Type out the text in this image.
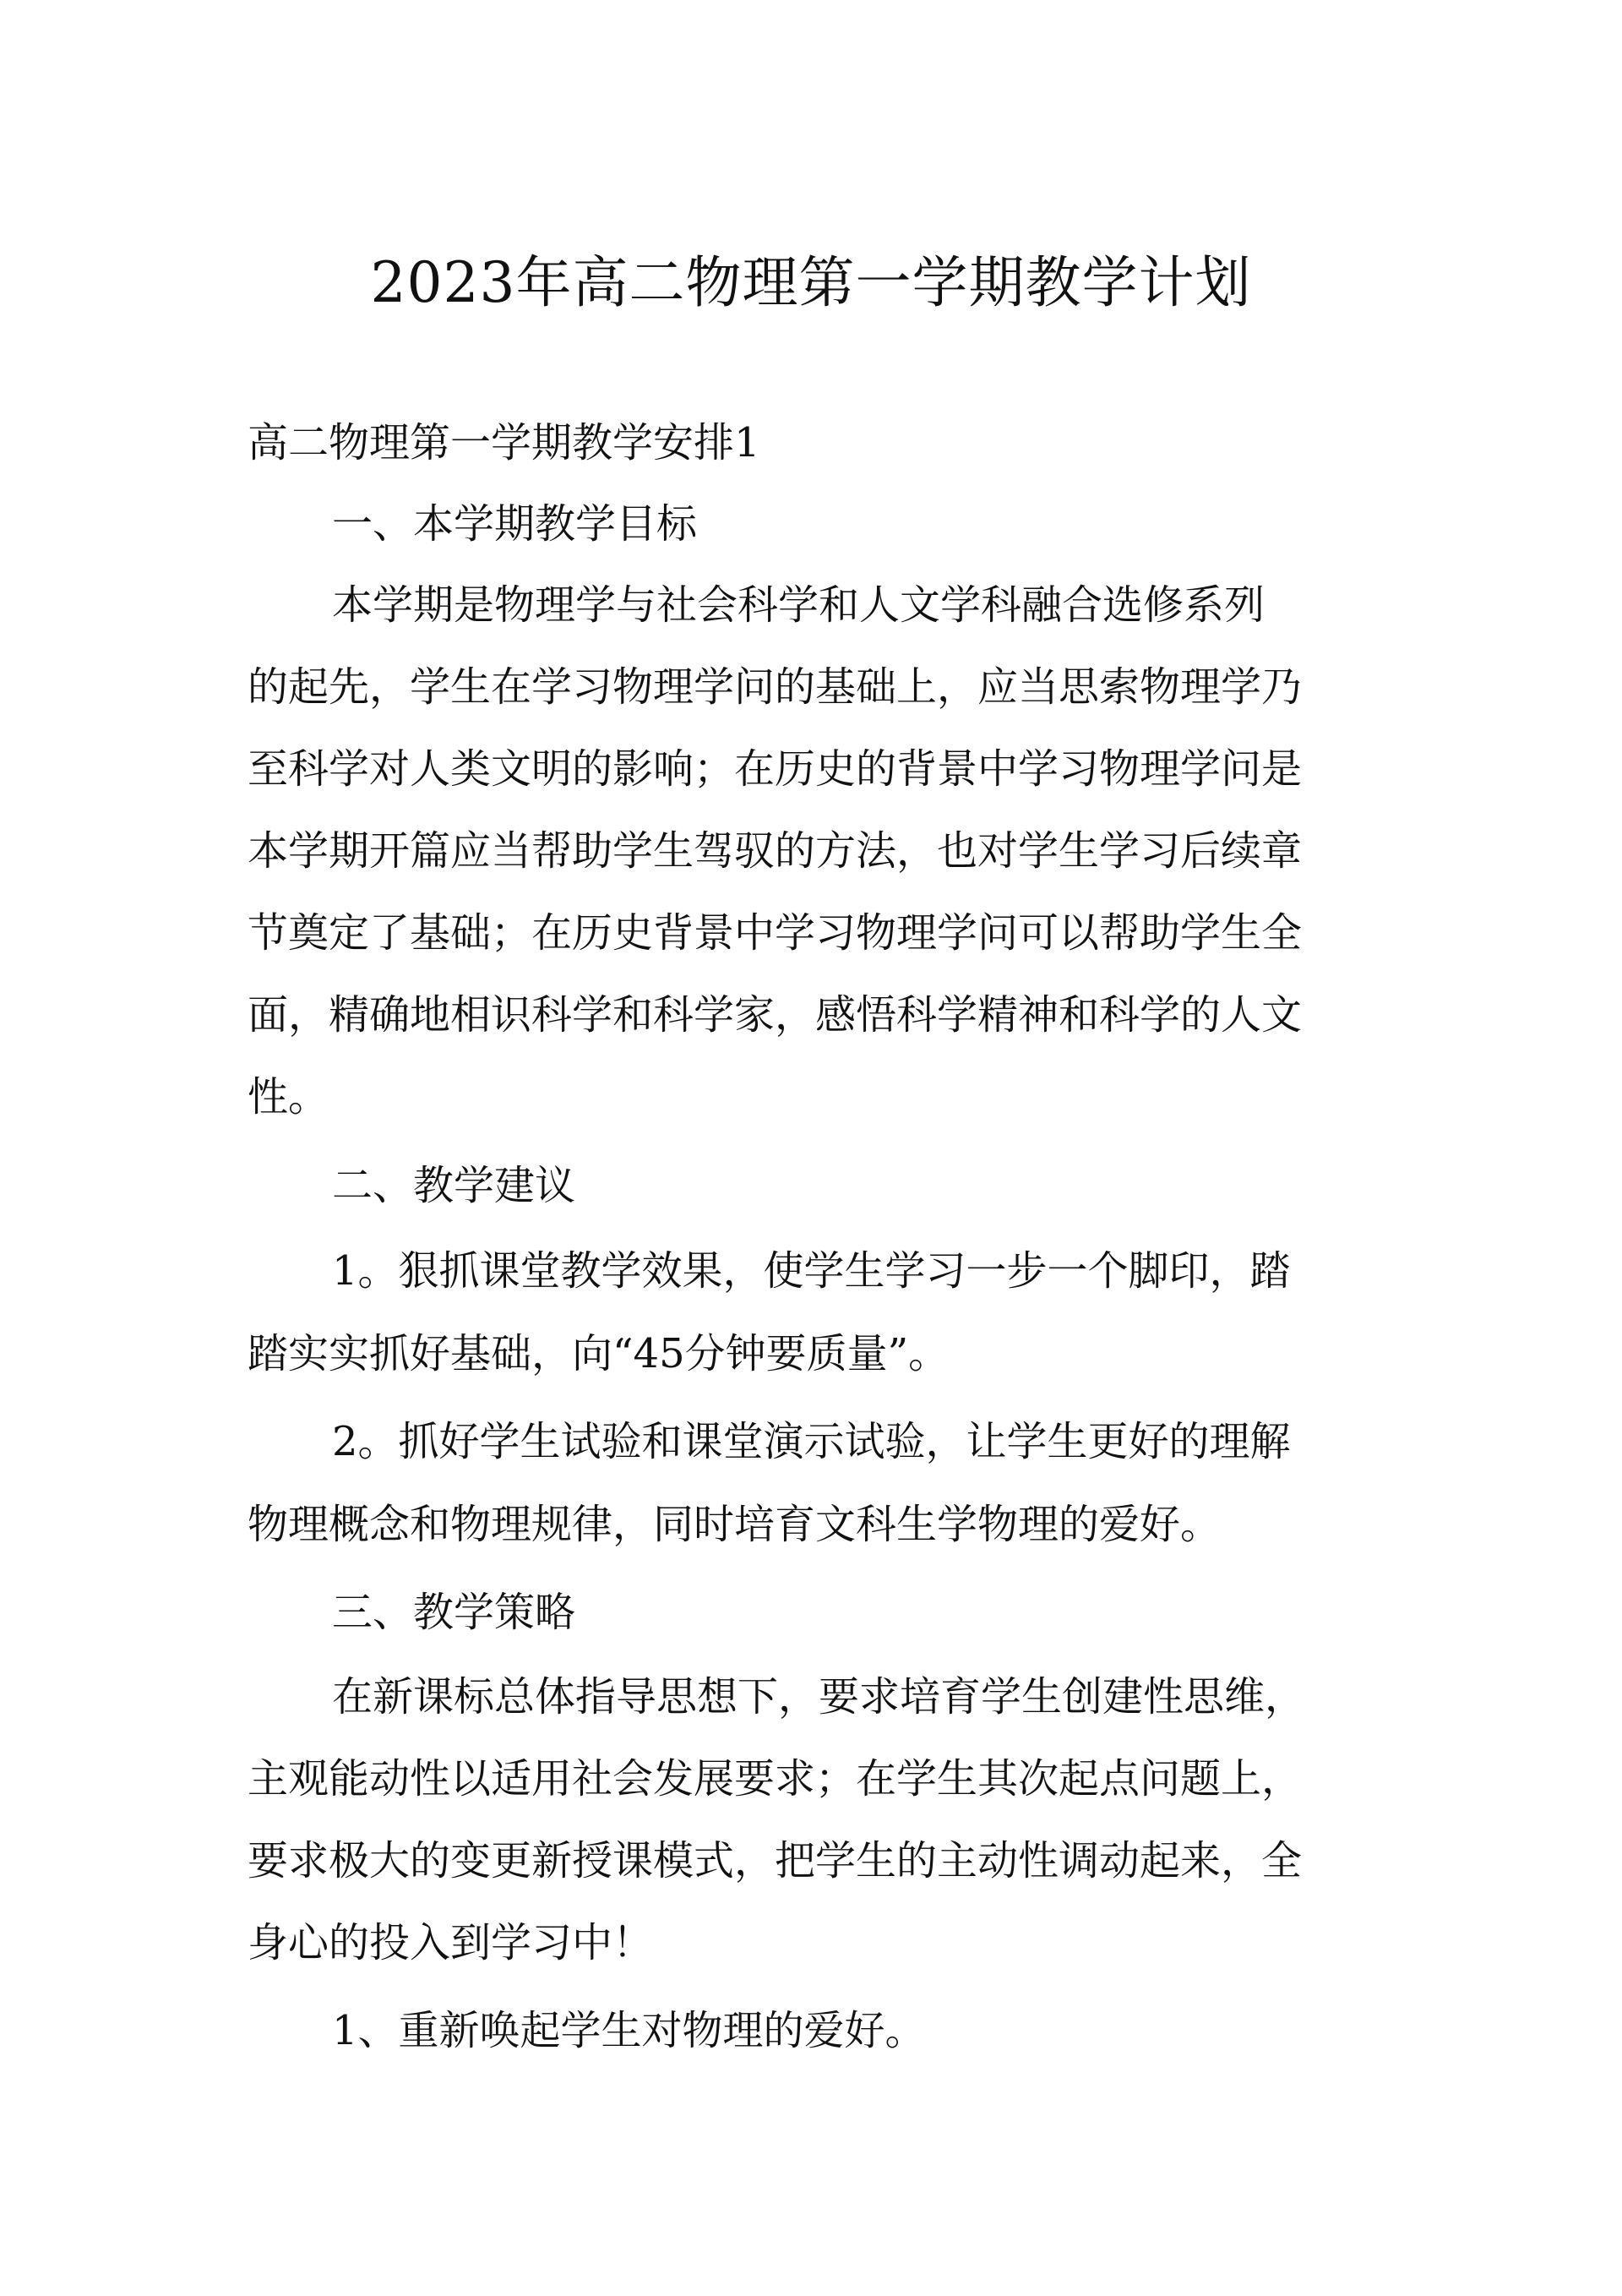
2023年高二物理第一学期教学计划

高二物理第一学期教学安排1

一、本学期教学目标

本学期是物理学与社会科学和人文学科融合选修系列

的起先，学生在学习物理学问的基础上，应当思索物理学乃

至科学对人类文明的影响；在历史的背景中学习物理学问是

本学期开篇应当帮助学生驾驭的方法，也对学生学习后续章

节奠定了基础；在历史背景中学习物理学问可以帮助学生全

面，精确地相识科学和科学家，感悟科学精神和科学的人文

性。

二、教学建议

1。狠抓课堂教学效果，使学生学习一步一个脚印，踏

踏实实抓好基础，向“45分钟要质量”。

2。抓好学生试验和课堂演示试验，让学生更好的理解

物理概念和物理规律，同时培育文科生学物理的爱好。

三、教学策略

在新课标总体指导思想下，要求培育学生创建性思维，

主观能动性以适用社会发展要求；在学生其次起点问题上，

要求极大的变更新授课模式，把学生的主动性调动起来，全

身心的投入到学习中！

1、重新唤起学生对物理的爱好。
